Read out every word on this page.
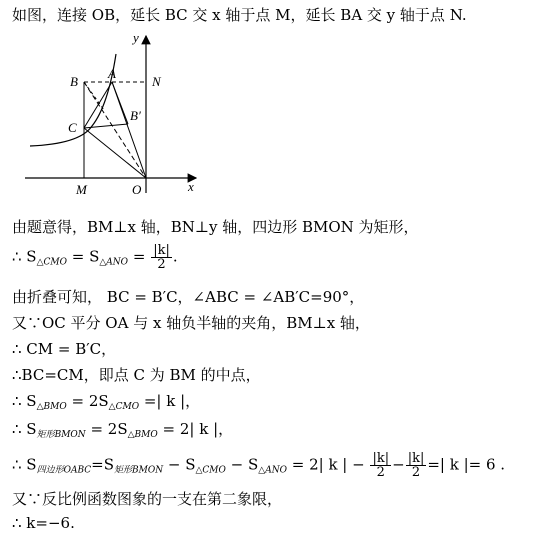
如图，连接 OB，延长 BC 交 x 轴于点 M，延长 BA 交 y 轴于点 N.
y
B
A
N
B′
C
M	O	x
由题意得，BM⊥x 轴，BN⊥y 轴，四边形 BMON 为矩形，
∴ $S_{\triangle CMO} = S_{\triangle ANO} = \frac{|k|}{2}$ .
由折叠可知， BC = B′C，∠ABC = ∠AB′C=90°，
又∵OC 平分 OA 与 x 轴负半轴的夹角，BM⊥x 轴，
∴ CM = B′C，
∴BC=CM，即点 C 为 BM 的中点，
∴ $S_{\triangle BMO} = 2S_{\triangle CMO}$ =| k |，
∴ $S_{矩形BMON} = 2S_{\triangle BMO} = 2|$ k |，
∴ $S_{四边形OABC}=S_{矩形BMON} - S_{\triangle CMO} - S_{\triangle ANO} = 2|$ k | − $\frac{|k|}{2} - \frac{|k|}{2}$ =| k |= 6 .
又∵反比例函数图象的一支在第二象限，
∴ k=−6.
